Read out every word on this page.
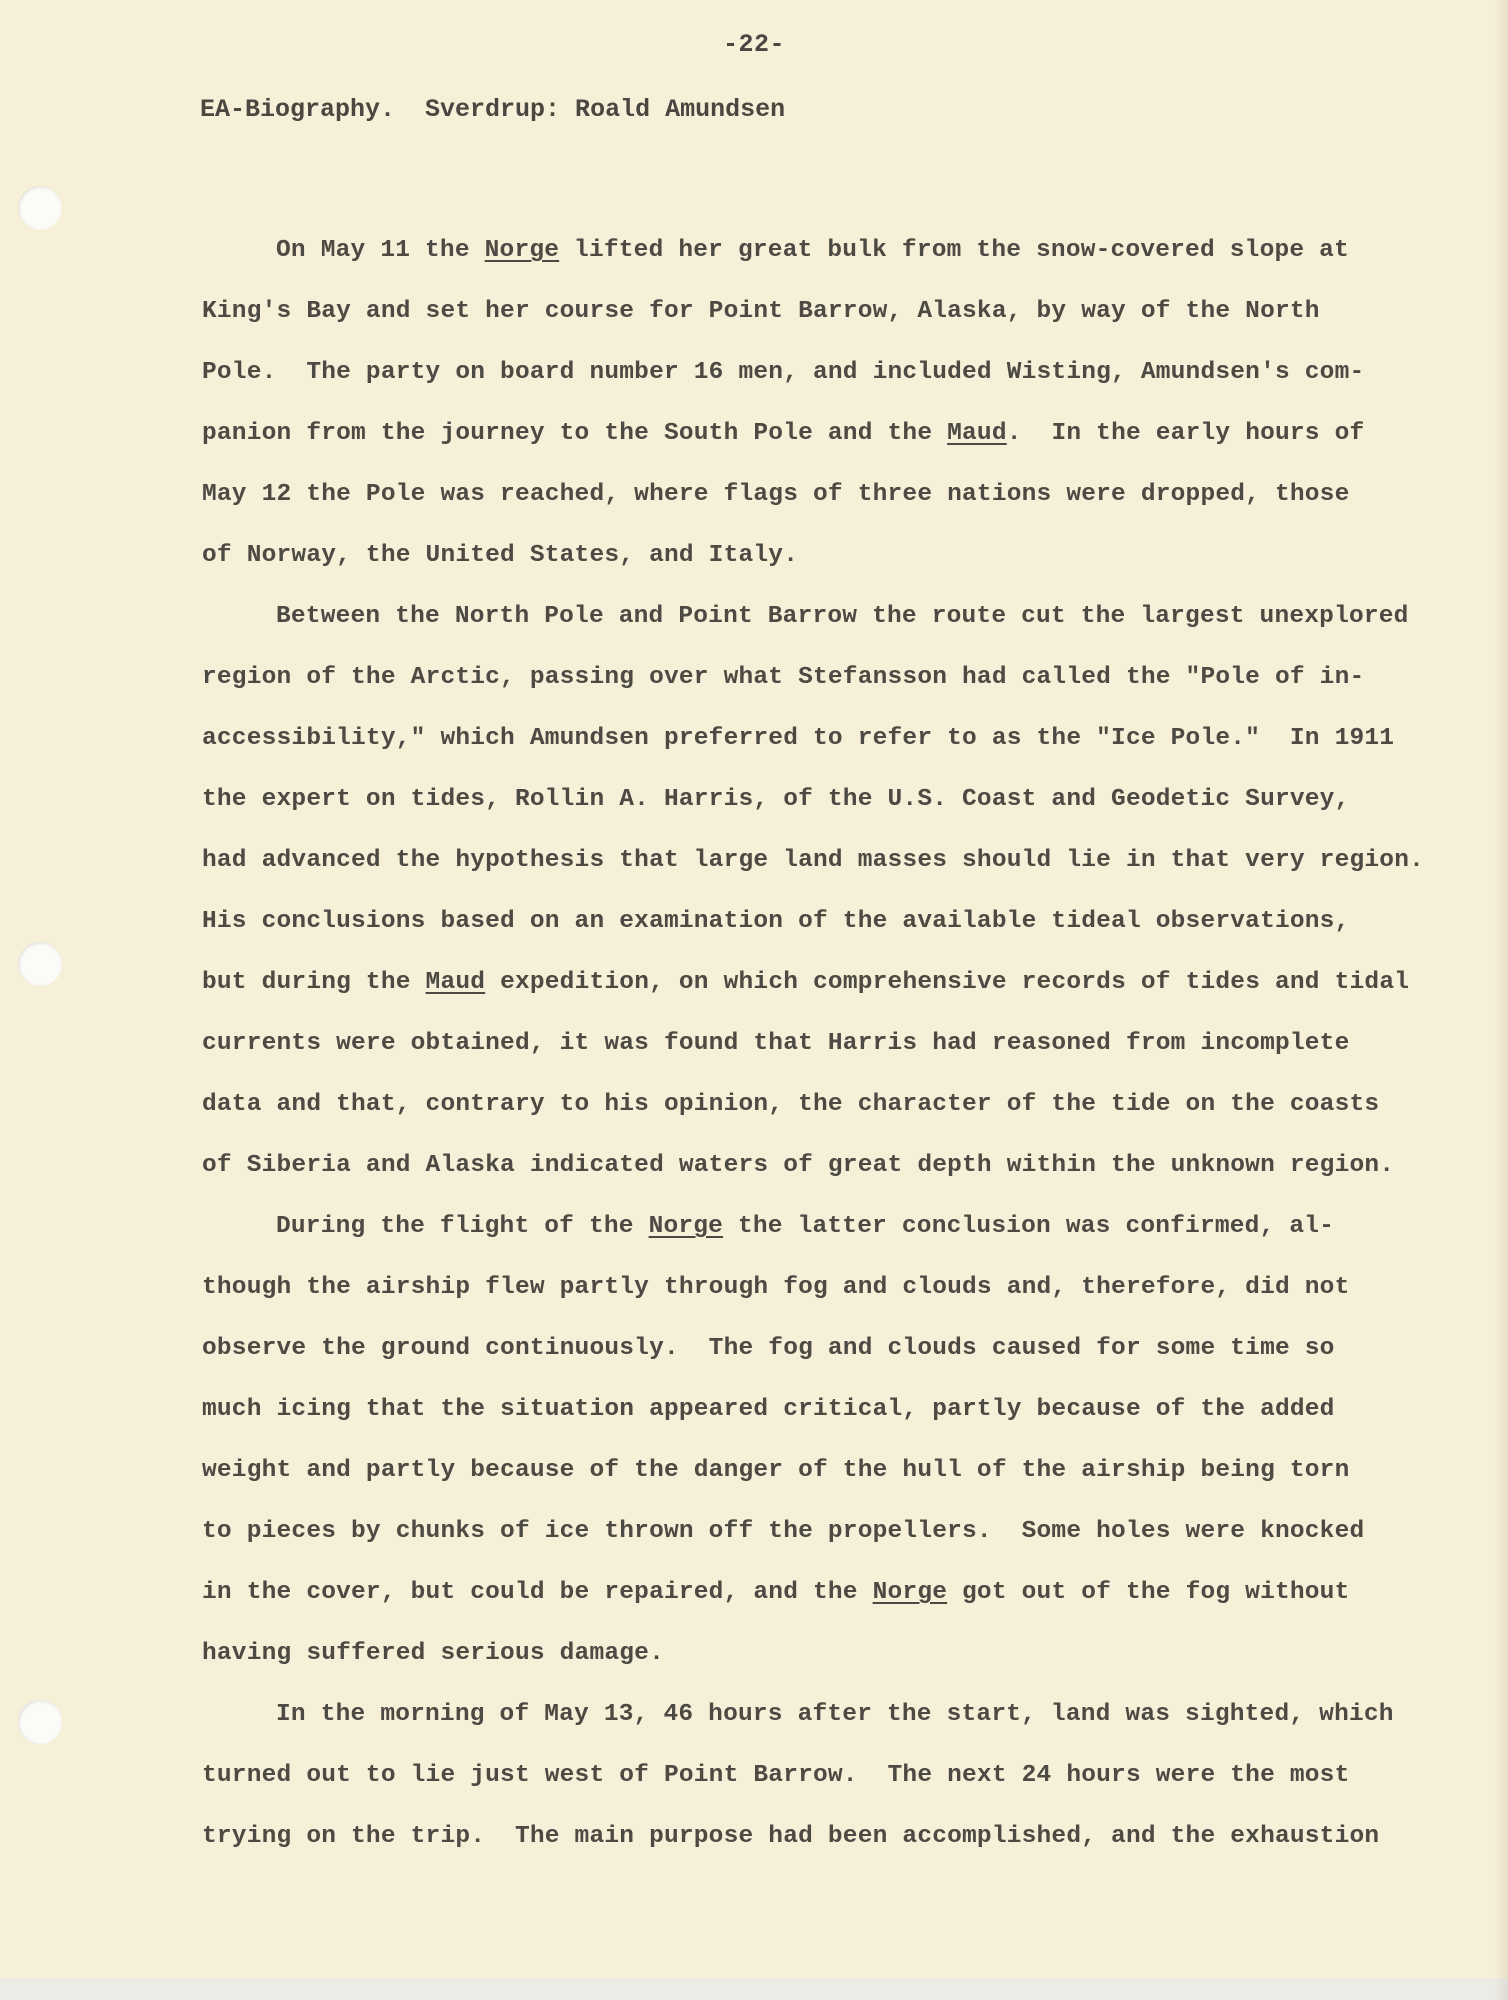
-22-
EA-Biography.  Sverdrup: Roald Amundsen
On May 11 the Norge lifted her great bulk from the snow-covered slope at
King's Bay and set her course for Point Barrow, Alaska, by way of the North
Pole.  The party on board number 16 men, and included Wisting, Amundsen's com-
panion from the journey to the South Pole and the Maud.  In the early hours of
May 12 the Pole was reached, where flags of three nations were dropped, those
of Norway, the United States, and Italy.
Between the North Pole and Point Barrow the route cut the largest unexplored
region of the Arctic, passing over what Stefansson had called the "Pole of in-
accessibility," which Amundsen preferred to refer to as the "Ice Pole."  In 1911
the expert on tides, Rollin A. Harris, of the U.S. Coast and Geodetic Survey,
had advanced the hypothesis that large land masses should lie in that very region.
His conclusions based on an examination of the available tideal observations,
but during the Maud expedition, on which comprehensive records of tides and tidal
currents were obtained, it was found that Harris had reasoned from incomplete
data and that, contrary to his opinion, the character of the tide on the coasts
of Siberia and Alaska indicated waters of great depth within the unknown region.
During the flight of the Norge the latter conclusion was confirmed, al-
though the airship flew partly through fog and clouds and, therefore, did not
observe the ground continuously.  The fog and clouds caused for some time so
much icing that the situation appeared critical, partly because of the added
weight and partly because of the danger of the hull of the airship being torn
to pieces by chunks of ice thrown off the propellers.  Some holes were knocked
in the cover, but could be repaired, and the Norge got out of the fog without
having suffered serious damage.
In the morning of May 13, 46 hours after the start, land was sighted, which
turned out to lie just west of Point Barrow.  The next 24 hours were the most
trying on the trip.  The main purpose had been accomplished, and the exhaustion
